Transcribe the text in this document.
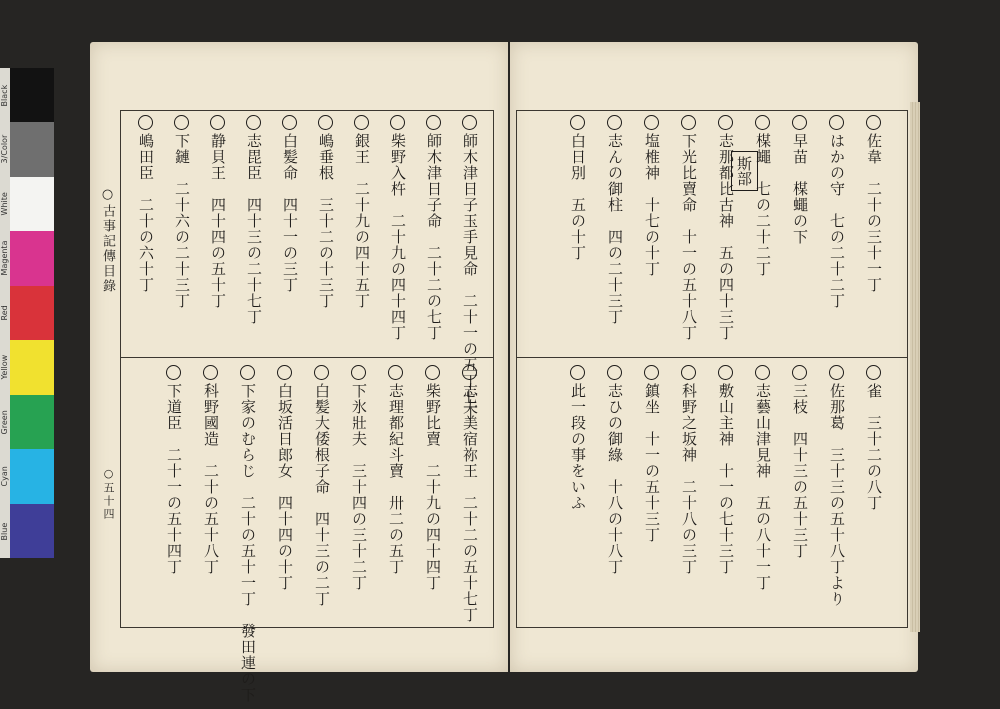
Black
3/Color
White
Magenta
Red
Yellow
Green
Cyan
Blue
○古事記傳目錄
○五十四
師木津日子玉手見命　二十一の五丁七丁
師木津日子命　二十二の七丁
柴野入杵　二十九の四十四丁
銀王　二十九の四十五丁
嶋垂根　三十二の十三丁
白髪命　四十一の三丁
志毘臣　四十三の二十七丁
静貝王　四十四の五十丁
下鏈　二十六の二十三丁
嶋田臣　二十の六十丁
志夫美宿祢王　二十二の五十七丁
柴野比賣　二十九の四十四丁
志理都紀斗賣　卅二の五丁
下氷壯夫　三十四の三十二丁
白髪大倭根子命　四十三の二丁
白坂活日郎女　四十四の十丁
下家のむらじ　二十の五十一丁　發田連の下
科野國造　二十の五十八丁
下道臣　二十一の五十四丁
斯部	佐韋　二十の三十一丁
はかの守　七の二十二丁
早苗　楳蠅の下
楳蠅　七の二十二丁
志那都比古神　五の四十三丁
下光比賣命　十一の五十八丁
塩椎神　十七の十丁
志んの御柱　四の二十三丁
白日別　五の十丁
雀　三十二の八丁
佐那葛　三十三の五十八丁より
三枝　四十三の五十三丁
志藝山津見神　五の八十一丁
敷山主神　十一の七十三丁
科野之坂神　二十八の三丁
鎮坐　十一の五十三丁
志ひの御綠　十八の十八丁
此一段の事をいふ
